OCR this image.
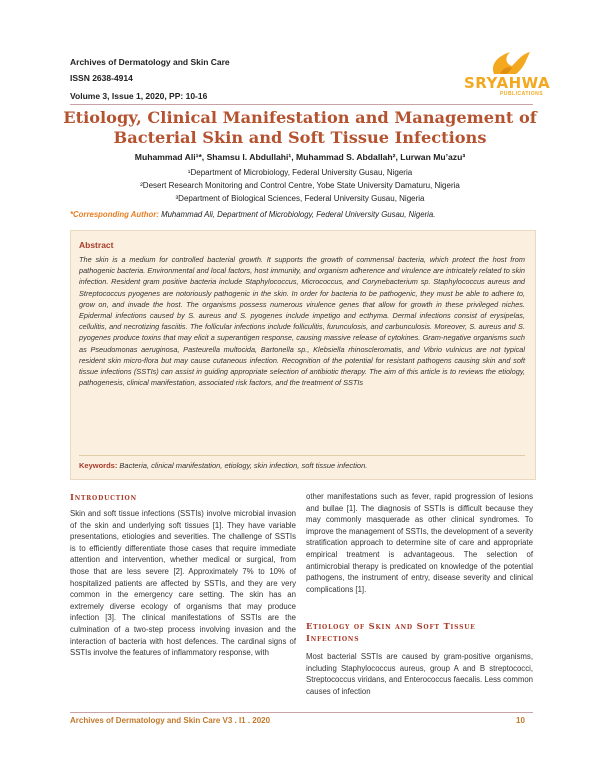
Archives of Dermatology and Skin Care
ISSN 2638-4914
Volume 3, Issue 1, 2020, PP: 10-16
SRYAHWA
PUBLICATIONS
Etiology, Clinical Manifestation and Management of
Bacterial Skin and Soft Tissue Infections
Muhammad Ali¹*, Shamsu I. Abdullahi¹, Muhammad S. Abdallah², Lurwan Mu’azu³
¹Department of Microbiology, Federal University Gusau, Nigeria
²Desert Research Monitoring and Control Centre, Yobe State University Damaturu, Nigeria
³Department of Biological Sciences, Federal University Gusau, Nigeria
*Corresponding Author: Muhammad Ali, Department of Microbiology, Federal University Gusau, Nigeria.
Abstract
The skin is a medium for controlled bacterial growth. It supports the growth of commensal bacteria, which protect the host from pathogenic bacteria. Environmental and local factors, host immunity, and organism adherence and virulence are intricately related to skin infection. Resident gram positive bacteria include Staphylococcus, Micrococcus, and Corynebacterium sp. Staphylococcus aureus and Streptococcus pyogenes are notoriously pathogenic in the skin. In order for bacteria to be pathogenic, they must be able to adhere to, grow on, and invade the host. The organisms possess numerous virulence genes that allow for growth in these privileged niches. Epidermal infections caused by S. aureus and S. pyogenes include impetigo and ecthyma. Dermal infections consist of erysipelas, cellulitis, and necrotizing fasciitis. The follicular infections include folliculitis, furunculosis, and carbunculosis. Moreover, S. aureus and S. pyogenes produce toxins that may elicit a superantigen response, causing massive release of cytokines. Gram-negative organisms such as Pseudomonas aeruginosa, Pasteurella multocida, Bartonella sp., Klebsiella rhinoscleromatis, and Vibrio vulnicus are not typical resident skin micro-flora but may cause cutaneous infection. Recognition of the potential for resistant pathogens causing skin and soft tissue infections (SSTIs) can assist in guiding appropriate selection of antibiotic therapy. The aim of this article is to reviews the etiology, pathogenesis, clinical manifestation, associated risk factors, and the treatment of SSTIs
Keywords: Bacteria, clinical manifestation, etiology, skin infection, soft tissue infection.
Introduction
Skin and soft tissue infections (SSTIs) involve microbial invasion of the skin and underlying soft tissues [1]. They have variable presentations, etiologies and severities. The challenge of SSTIs is to efficiently differentiate those cases that require immediate attention and intervention, whether medical or surgical, from those that are less severe [2]. Approximately 7% to 10% of hospitalized patients are affected by SSTIs, and they are very common in the emergency care setting. The skin has an extremely diverse ecology of organisms that may produce infection [3]. The clinical manifestations of SSTIs are the culmination of a two-step process involving invasion and the interaction of bacteria with host defences. The cardinal signs of SSTIs involve the features of inflammatory response, with
other manifestations such as fever, rapid progression of lesions and bullae [1]. The diagnosis of SSTIs is difficult because they may commonly masquerade as other clinical syndromes. To improve the management of SSTIs, the development of a severity stratification approach to determine site of care and appropriate empirical treatment is advantageous. The selection of antimicrobial therapy is predicated on knowledge of the potential pathogens, the instrument of entry, disease severity and clinical complications [1].
Etiology of Skin and Soft Tissue
Infections
Most bacterial SSTIs are caused by gram-positive organisms, including Staphylococcus aureus, group A and B streptococci, Streptococcus viridans, and Enterococcus faecalis. Less common causes of infection
Archives of Dermatology and Skin Care V3 . I1 . 2020	10
